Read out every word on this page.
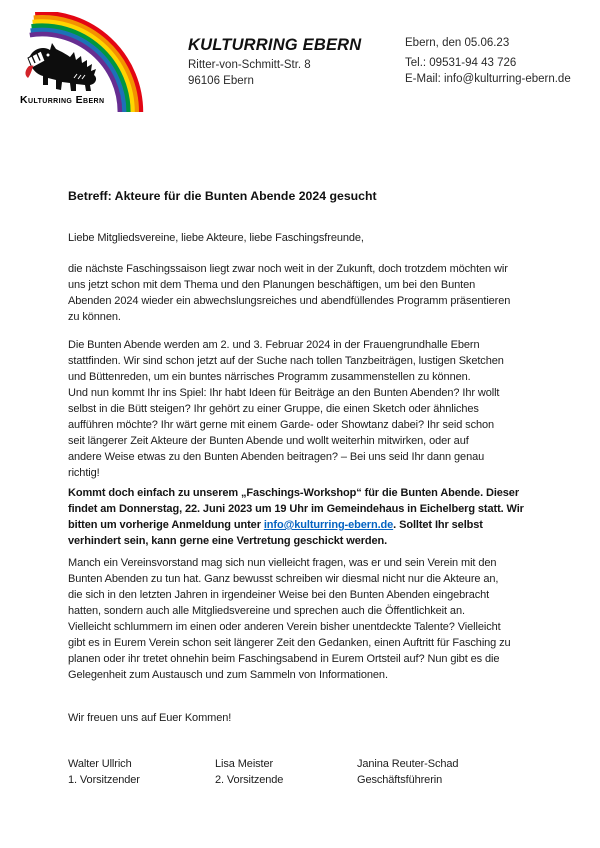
Kulturring Ebern
KULTURRING EBERN
Ritter-von-Schmitt-Str. 8
96106 Ebern
Ebern, den 05.06.23
Tel.: 09531-94 43 726
E-Mail: info@kulturring-ebern.de
Betreff: Akteure für die Bunten Abende 2024 gesucht
Liebe Mitgliedsvereine, liebe Akteure, liebe Faschingsfreunde,
die nächste Faschingssaison liegt zwar noch weit in der Zukunft, doch trotzdem möchten wir
uns jetzt schon mit dem Thema und den Planungen beschäftigen, um bei den Bunten
Abenden 2024 wieder ein abwechslungsreiches und abendfüllendes Programm präsentieren
zu können.
Die Bunten Abende werden am 2. und 3. Februar 2024 in der Frauengrundhalle Ebern
stattfinden. Wir sind schon jetzt auf der Suche nach tollen Tanzbeiträgen, lustigen Sketchen
und Büttenreden, um ein buntes närrisches Programm zusammenstellen zu können.
Und nun kommt Ihr ins Spiel: Ihr habt Ideen für Beiträge an den Bunten Abenden? Ihr wollt
selbst in die Bütt steigen? Ihr gehört zu einer Gruppe, die einen Sketch oder ähnliches
aufführen möchte? Ihr wärt gerne mit einem Garde- oder Showtanz dabei? Ihr seid schon
seit längerer Zeit Akteure der Bunten Abende und wollt weiterhin mitwirken, oder auf
andere Weise etwas zu den Bunten Abenden beitragen? – Bei uns seid Ihr dann genau
richtig!
Kommt doch einfach zu unserem „Faschings-Workshop“ für die Bunten Abende. Dieser
findet am Donnerstag, 22. Juni 2023 um 19 Uhr im Gemeindehaus in Eichelberg statt. Wir
bitten um vorherige Anmeldung unter info@kulturring-ebern.de. Solltet Ihr selbst
verhindert sein, kann gerne eine Vertretung geschickt werden.
Manch ein Vereinsvorstand mag sich nun vielleicht fragen, was er und sein Verein mit den
Bunten Abenden zu tun hat. Ganz bewusst schreiben wir diesmal nicht nur die Akteure an,
die sich in den letzten Jahren in irgendeiner Weise bei den Bunten Abenden eingebracht
hatten, sondern auch alle Mitgliedsvereine und sprechen auch die Öffentlichkeit an.
Vielleicht schlummern im einen oder anderen Verein bisher unentdeckte Talente? Vielleicht
gibt es in Eurem Verein schon seit längerer Zeit den Gedanken, einen Auftritt für Fasching zu
planen oder ihr tretet ohnehin beim Faschingsabend in Eurem Ortsteil auf? Nun gibt es die
Gelegenheit zum Austausch und zum Sammeln von Informationen.
Wir freuen uns auf Euer Kommen!
Walter Ullrich
1. Vorsitzender
Lisa Meister
2. Vorsitzende
Janina Reuter-Schad
Geschäftsführerin
